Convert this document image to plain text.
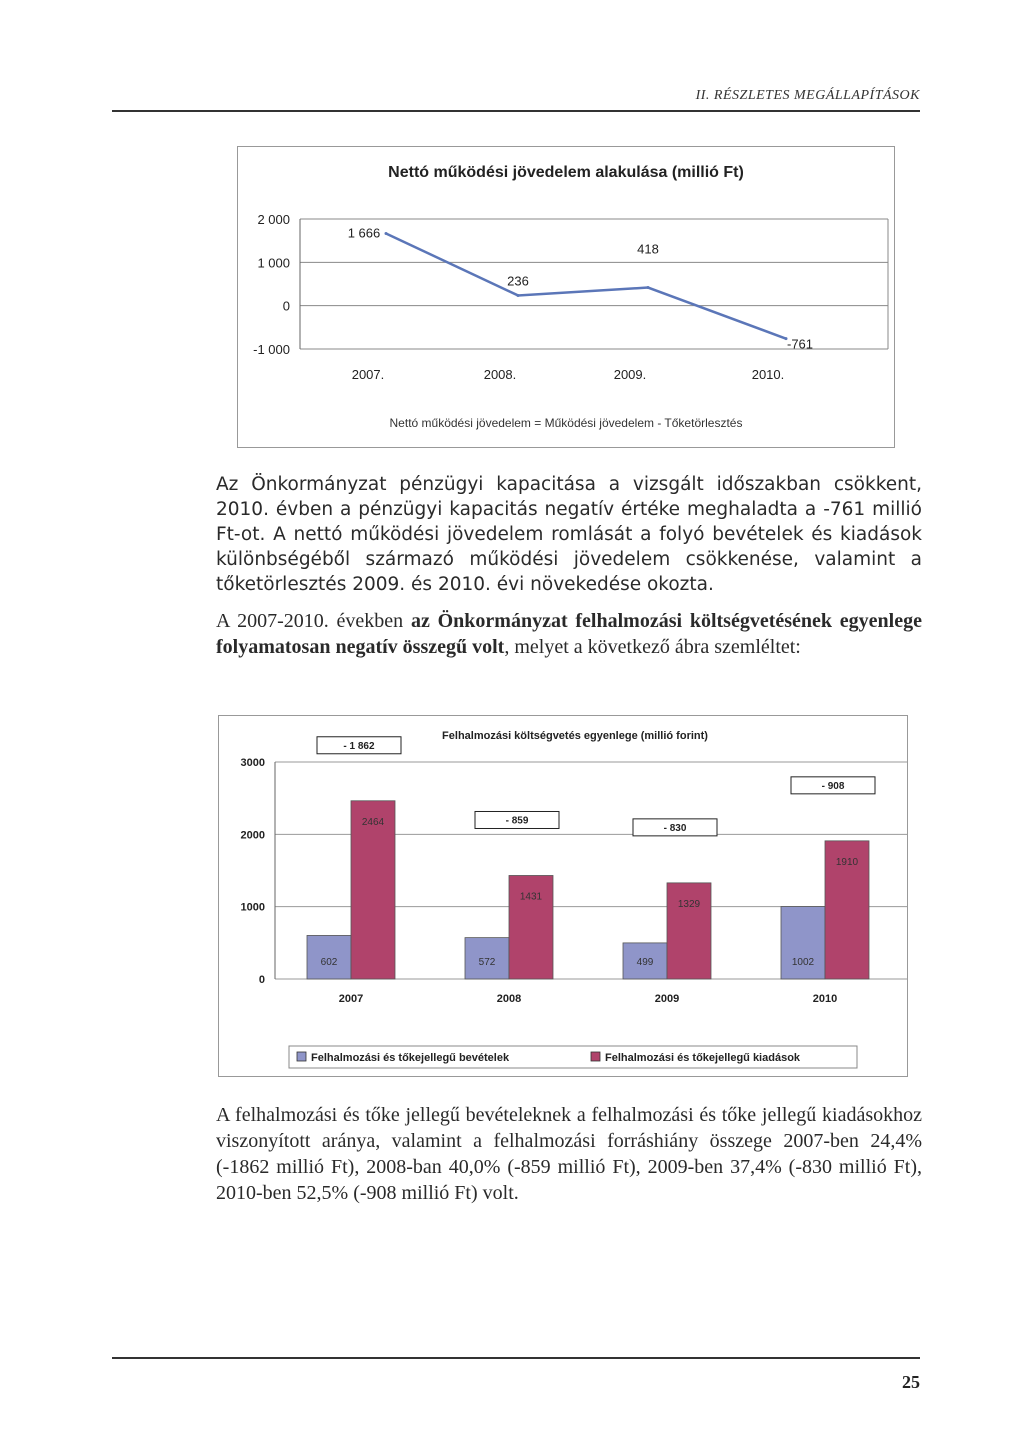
II. RÉSZLETES MEGÁLLAPÍTÁSOK
Nettó működési jövedelem alakulása (millió Ft)
2 000
1 000
0
-1 000
2007.	2008.	2009.	2010.
1 666
236
418
-761
Nettó működési jövedelem = Működési jövedelem - Tőketörlesztés
Az Önkormányzat pénzügyi kapacitása a vizsgált időszakban csökkent, 2010. évben a pénzügyi kapacitás negatív értéke meghaladta a -761 millió Ft-ot. A nettó működési jövedelem romlását a folyó bevételek és kiadások különbségéből származó működési jövedelem csökkenése, valamint a tőketörlesztés 2009. és 2010. évi növekedése okozta.
A 2007-2010. években az Önkormányzat felhalmozási költségvetésének egyenlege folyamatosan negatív összegű volt, melyet a következő ábra szemléltet:
Felhalmozási költségvetés egyenlege (millió forint)
3000
2000
1000
0
602
2464
2007
- 1 862
572
1431
2008
- 859
499
1329
2009
- 830
1002
1910
2010
- 908
Felhalmozási és tőkejellegű bevételek	Felhalmozási és tőkejellegű kiadások
A felhalmozási és tőke jellegű bevételeknek a felhalmozási és tőke jellegű kiadásokhoz viszonyított aránya, valamint a felhalmozási forráshiány összege 2007-ben 24,4% (-1862 millió Ft), 2008-ban 40,0% (-859 millió Ft), 2009-ben 37,4% (-830 millió Ft), 2010-ben 52,5% (-908 millió Ft) volt.
25
